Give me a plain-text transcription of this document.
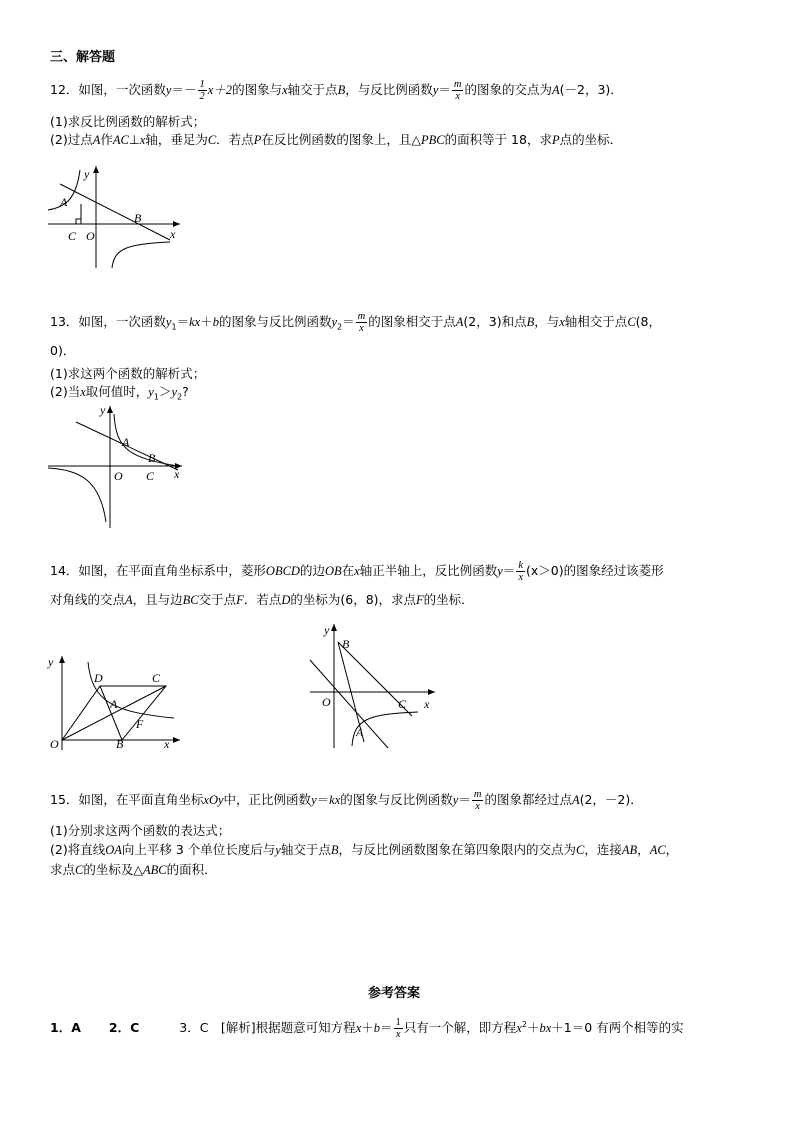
三、解答题
12．如图，一次函数$y=- \frac{1}{2} x+2$的图象与x轴交于点B，与反比例函数$y= \frac{m}{x}$ 的图象的交点为A(－2，3)．
(1)求反比例函数的解析式；
(2)过点A作AC⊥x轴，垂足为C．若点P在反比例函数的图象上，且△PBC的面积等于 18，求P点的坐标．
y
A
B
C O	x
13．如图，一次函数$y_1=kx+b$的图象与反比例函数$y_2= \frac{m}{x}$ 的图象相交于点A(2，3)和点B，与x轴相交于点C(8，
0)．
(1)求这两个函数的解析式；
(2)当x取何值时，$y_1>y_2$?
y
A
B
O C x
14．如图，在平面直角坐标系中，菱形OBCD的边OB在x轴正半轴上，反比例函数$y= \frac{k}{x} (x>0)$的图象经过该菱形
对角线的交点A，且与边BC交于点F．若点D的坐标为(6，8)，求点F的坐标．
y
D	C
A
F
O	B	x
y
B
O	C x
A
15．如图，在平面直角坐标xOy中，正比例函数y＝kx的图象与反比例函数$y= \frac{m}{x}$ 的图象都经过点A(2，－2)．
(1)分别求这两个函数的表达式；
(2)将直线OA向上平移 3 个单位长度后与y轴交于点B，与反比例函数图象在第四象限内的交点为C，连接AB，AC，
求点C的坐标及△ABC的面积．
参考答案
1．A 2．C	3．C　[解析]根据题意可知方程$x+b= \frac{1}{x}$ 只有一个解，即方程$x^2+bx+1=0$ 有两个相等的实
